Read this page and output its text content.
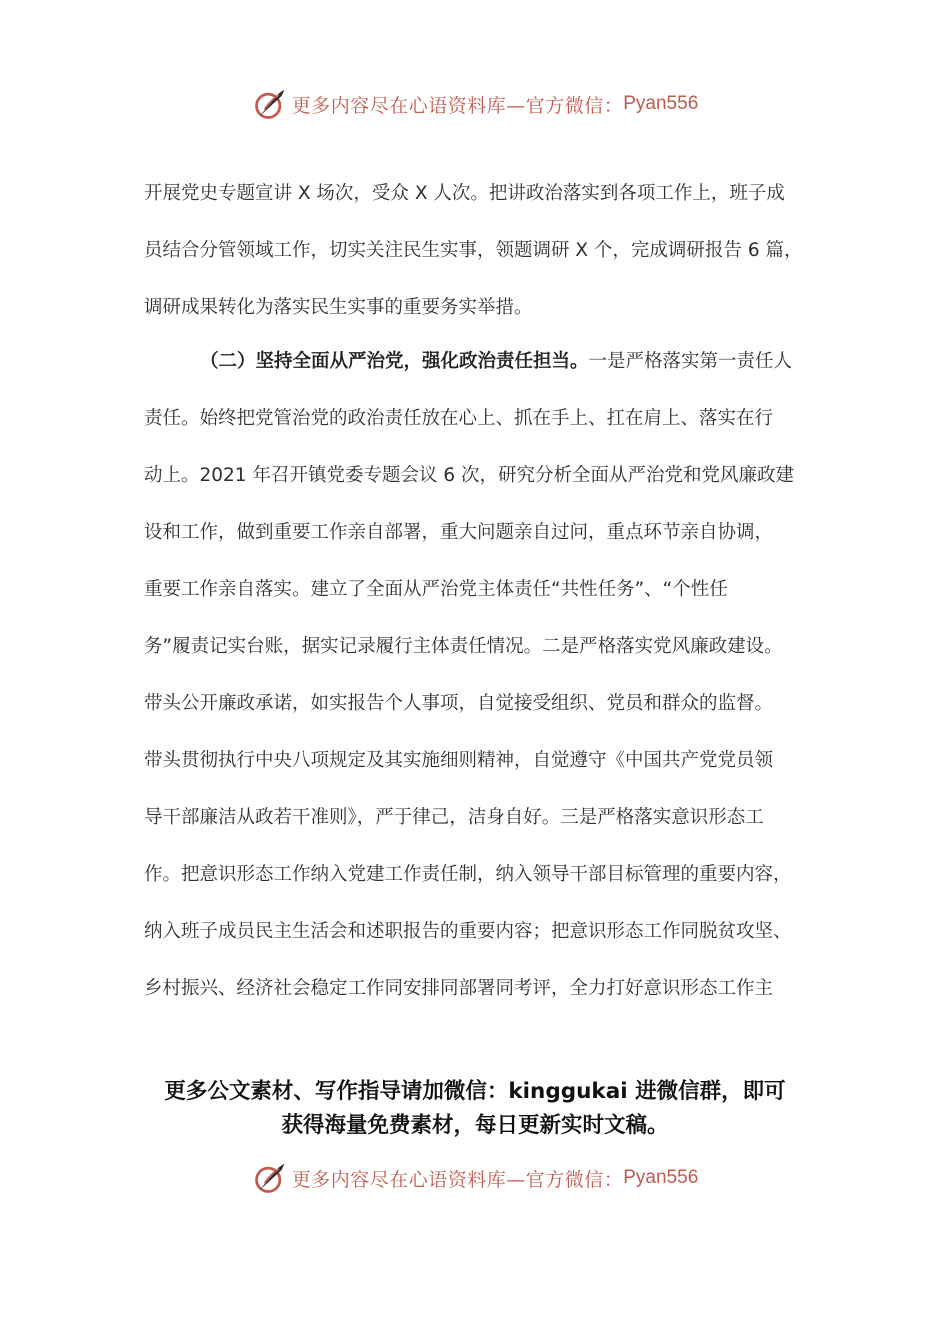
更多内容尽在心语资料库—官方微信： Pyan556
开展党史专题宣讲 X 场次，受众 X 人次。把讲政治落实到各项工作上，班子成
员结合分管领域工作，切实关注民生实事，领题调研 X 个，完成调研报告 6 篇，
调研成果转化为落实民生实事的重要务实举措。
（二）坚持全面从严治党，强化政治责任担当。一是严格落实第一责任人
责任。始终把党管治党的政治责任放在心上、抓在手上、扛在肩上、落实在行
动上。2021 年召开镇党委专题会议 6 次，研究分析全面从严治党和党风廉政建
设和工作，做到重要工作亲自部署，重大问题亲自过问，重点环节亲自协调，
重要工作亲自落实。建立了全面从严治党主体责任“共性任务”、“个性任
务”履责记实台账，据实记录履行主体责任情况。二是严格落实党风廉政建设。
带头公开廉政承诺，如实报告个人事项，自觉接受组织、党员和群众的监督。
带头贯彻执行中央八项规定及其实施细则精神，自觉遵守《中国共产党党员领
导干部廉洁从政若干准则》，严于律己，洁身自好。三是严格落实意识形态工
作。把意识形态工作纳入党建工作责任制，纳入领导干部目标管理的重要内容，
纳入班子成员民主生活会和述职报告的重要内容；把意识形态工作同脱贫攻坚、
乡村振兴、经济社会稳定工作同安排同部署同考评，全力打好意识形态工作主
更多公文素材、写作指导请加微信：kinggukai 进微信群，即可
获得海量免费素材，每日更新实时文稿。
更多内容尽在心语资料库—官方微信： Pyan556
